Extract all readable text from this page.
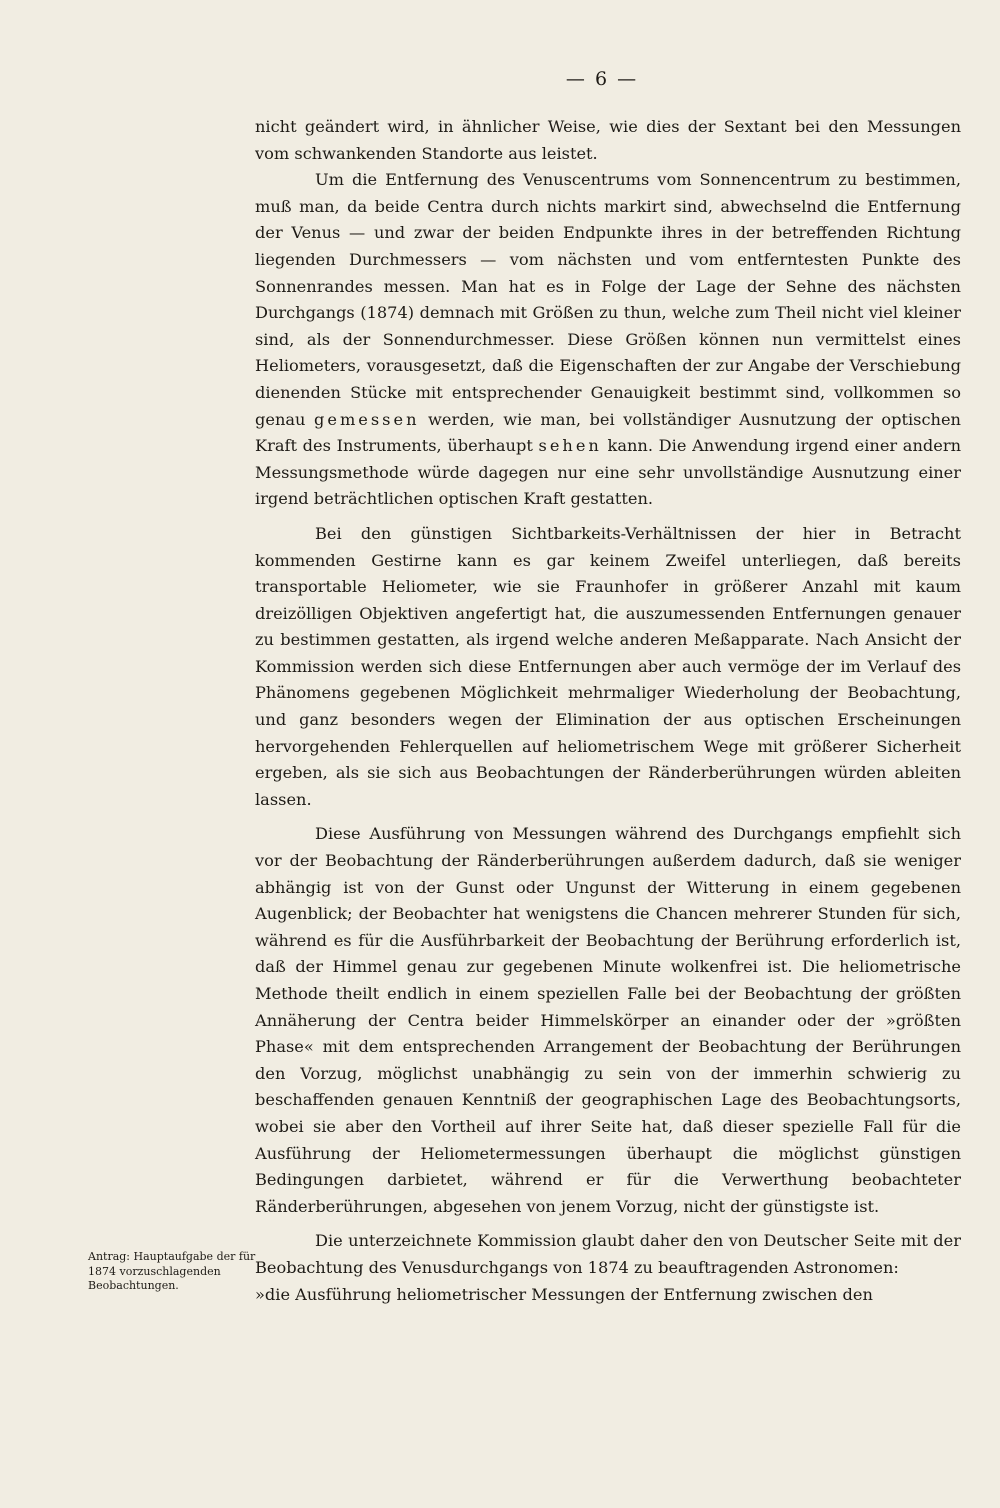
— 6 —

nicht geändert wird, in ähnlicher Weise, wie dies der Sextant bei den Messungen vom schwankenden Standorte aus leistet.

Um die Entfernung des Venuscentrums vom Sonnencentrum zu bestimmen, muß man, da beide Centra durch nichts markirt sind, abwechselnd die Entfernung der Venus — und zwar der beiden Endpunkte ihres in der betreffenden Richtung liegenden Durchmessers — vom nächsten und vom entferntesten Punkte des Sonnenrandes messen. Man hat es in Folge der Lage der Sehne des nächsten Durchgangs (1874) demnach mit Größen zu thun, welche zum Theil nicht viel kleiner sind, als der Sonnendurchmesser. Diese Größen können nun vermittelst eines Heliometers, vorausgesetzt, daß die Eigenschaften der zur Angabe der Verschiebung dienenden Stücke mit entsprechender Genauigkeit bestimmt sind, vollkommen so genau gemessen werden, wie man, bei vollständiger Ausnutzung der optischen Kraft des Instruments, überhaupt sehen kann. Die Anwendung irgend einer andern Messungsmethode würde dagegen nur eine sehr unvollständige Ausnutzung einer irgend beträchtlichen optischen Kraft gestatten.

Bei den günstigen Sichtbarkeits-Verhältnissen der hier in Betracht kommenden Gestirne kann es gar keinem Zweifel unterliegen, daß bereits transportable Heliometer, wie sie Fraunhofer in größerer Anzahl mit kaum dreizölligen Objektiven angefertigt hat, die auszumessenden Entfernungen genauer zu bestimmen gestatten, als irgend welche anderen Meßapparate. Nach Ansicht der Kommission werden sich diese Entfernungen aber auch vermöge der im Verlauf des Phänomens gegebenen Möglichkeit mehrmaliger Wiederholung der Beobachtung, und ganz besonders wegen der Elimination der aus optischen Erscheinungen hervorgehenden Fehlerquellen auf heliometrischem Wege mit größerer Sicherheit ergeben, als sie sich aus Beobachtungen der Ränderberührungen würden ableiten lassen.

Diese Ausführung von Messungen während des Durchgangs empfiehlt sich vor der Beobachtung der Ränderberührungen außerdem dadurch, daß sie weniger abhängig ist von der Gunst oder Ungunst der Witterung in einem gegebenen Augenblick; der Beobachter hat wenigstens die Chancen mehrerer Stunden für sich, während es für die Ausführbarkeit der Beobachtung der Berührung erforderlich ist, daß der Himmel genau zur gegebenen Minute wolkenfrei ist. Die heliometrische Methode theilt endlich in einem speziellen Falle bei der Beobachtung der größten Annäherung der Centra beider Himmelskörper an einander oder der »größten Phase« mit dem entsprechenden Arrangement der Beobachtung der Berührungen den Vorzug, möglichst unabhängig zu sein von der immerhin schwierig zu beschaffenden genauen Kenntniß der geographischen Lage des Beobachtungsorts, wobei sie aber den Vortheil auf ihrer Seite hat, daß dieser spezielle Fall für die Ausführung der Heliometermessungen überhaupt die möglichst günstigen Bedingungen darbietet, während er für die Verwerthung beobachteter Ränderberührungen, abgesehen von jenem Vorzug, nicht der günstigste ist.

Die unterzeichnete Kommission glaubt daher den von Deutscher Seite mit der Beobachtung des Venusdurchgangs von 1874 zu beauftragenden Astronomen:

»die Ausführung heliometrischer Messungen der Entfernung zwischen den

Antrag: Hauptaufgabe der für 1874 vorzuschlagenden Beobachtungen.
